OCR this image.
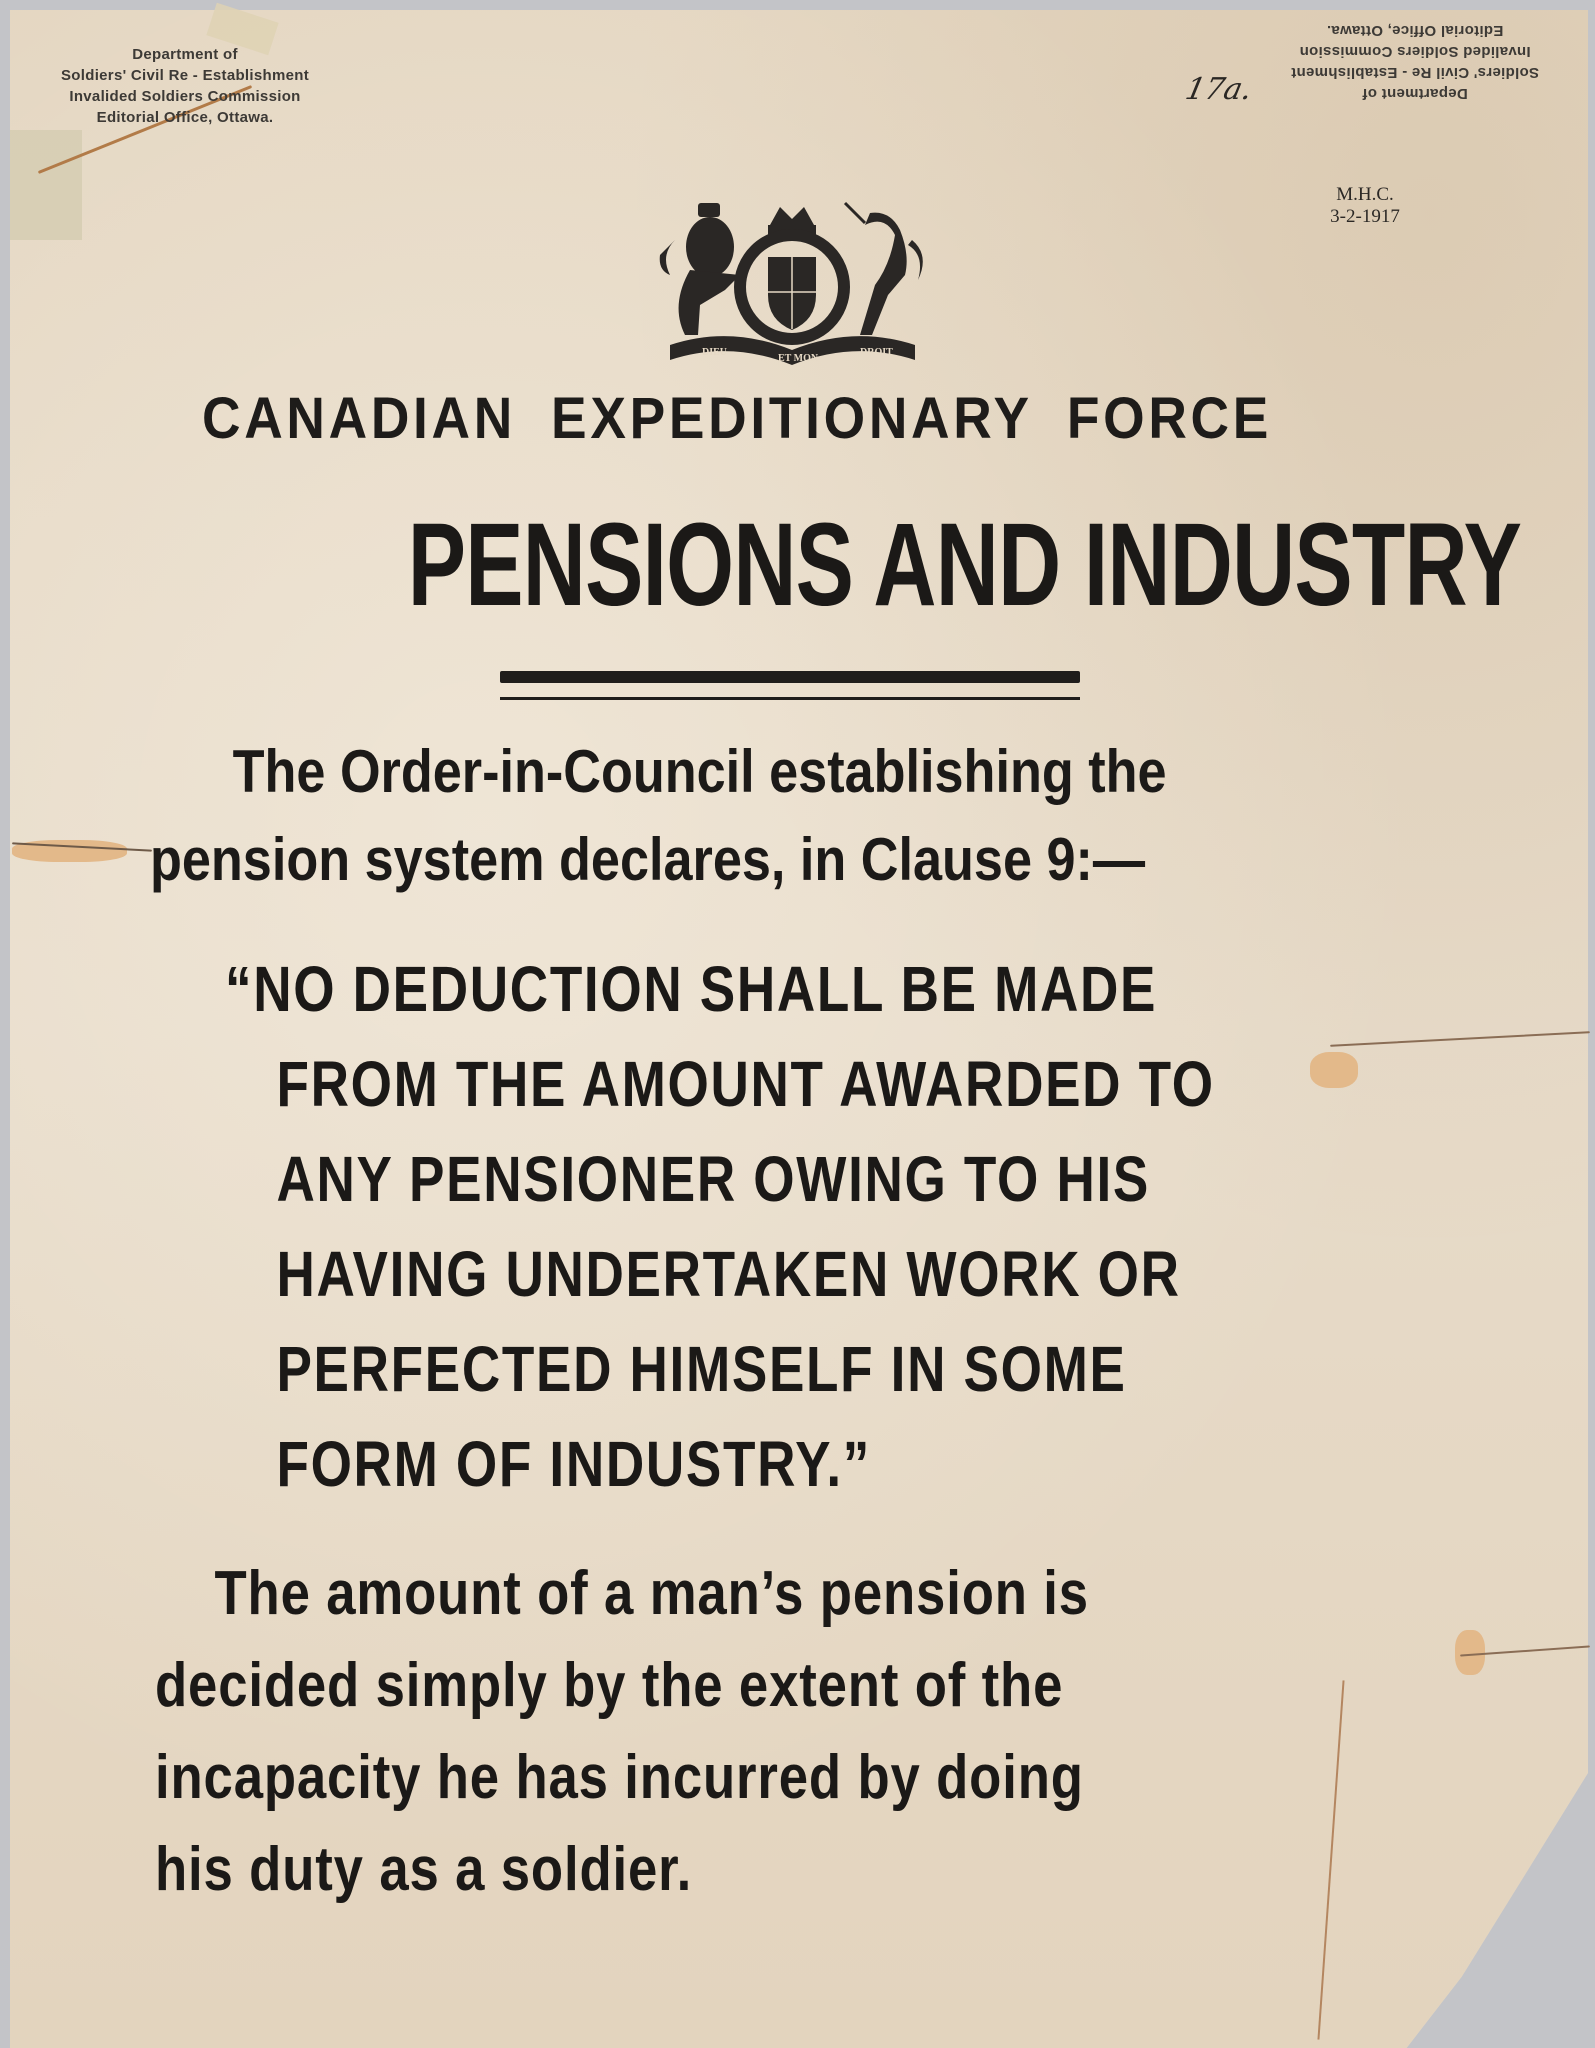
Department of
Soldiers' Civil Re - Establishment
Invalided Soldiers Commission
Editorial Office, Ottawa.
Department of
Soldiers' Civil Re - Establishment
Invalided Soldiers Commission
Editorial Office, Ottawa.
17a.
M.H.C.
3-2-1917
DIEU
ET MON
DROIT
CANADIAN EXPEDITIONARY FORCE
PENSIONS AND INDUSTRY
The Order-in-Council establishing the
pension system declares, in Clause 9:—
“NO DEDUCTION SHALL BE MADE
FROM THE AMOUNT AWARDED TO
ANY PENSIONER OWING TO HIS
HAVING UNDERTAKEN WORK OR
PERFECTED HIMSELF IN SOME
FORM OF INDUSTRY.”
The amount of a man’s pension is
decided simply by the extent of the
incapacity he has incurred by doing
his duty as a soldier.
